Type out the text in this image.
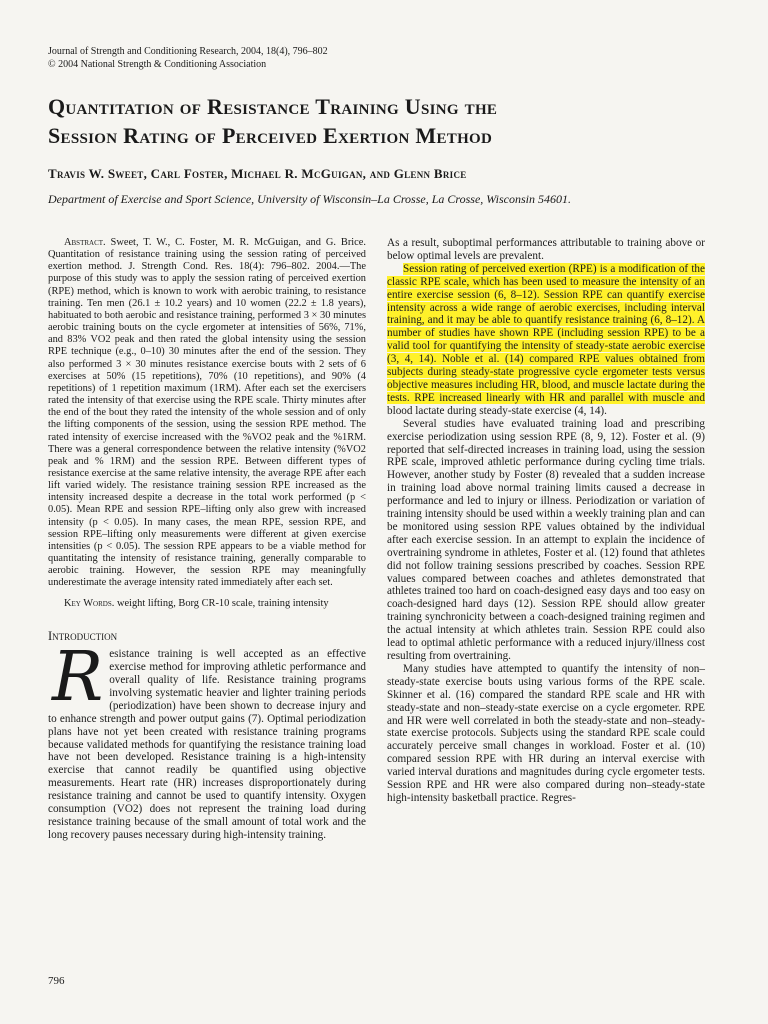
Journal of Strength and Conditioning Research, 2004, 18(4), 796–802
© 2004 National Strength & Conditioning Association
Quantitation of Resistance Training Using the
Session Rating of Perceived Exertion Method
Travis W. Sweet, Carl Foster, Michael R. McGuigan, and Glenn Brice
Department of Exercise and Sport Science, University of Wisconsin–La Crosse, La Crosse, Wisconsin 54601.

Abstract. Sweet, T. W., C. Foster, M. R. McGuigan, and G. Brice. Quantitation of resistance training using the session rating of perceived exertion method. J. Strength Cond. Res. 18(4): 796–802. 2004.—The purpose of this study was to apply the session rating of perceived exertion (RPE) method, which is known to work with aerobic training, to resistance training. Ten men (26.1 ± 10.2 years) and 10 women (22.2 ± 1.8 years), habituated to both aerobic and resistance training, performed 3 × 30 minutes aerobic training bouts on the cycle ergometer at intensities of 56%, 71%, and 83% VO2 peak and then rated the global intensity using the session RPE technique (e.g., 0–10) 30 minutes after the end of the session. They also performed 3 × 30 minutes resistance exercise bouts with 2 sets of 6 exercises at 50% (15 repetitions), 70% (10 repetitions), and 90% (4 repetitions) of 1 repetition maximum (1RM). After each set the exercisers rated the intensity of that exercise using the RPE scale. Thirty minutes after the end of the bout they rated the intensity of the whole session and of only the lifting components of the session, using the session RPE method. The rated intensity of exercise increased with the %VO2 peak and the %1RM. There was a general correspondence between the relative intensity (%VO2 peak and % 1RM) and the session RPE. Between different types of resistance exercise at the same relative intensity, the average RPE after each lift varied widely. The resistance training session RPE increased as the intensity increased despite a decrease in the total work performed (p < 0.05). Mean RPE and session RPE–lifting only also grew with increased intensity (p < 0.05). In many cases, the mean RPE, session RPE, and session RPE–lifting only measurements were different at given exercise intensities (p < 0.05). The session RPE appears to be a viable method for quantitating the intensity of resistance training, generally comparable to aerobic training. However, the session RPE may meaningfully underestimate the average intensity rated immediately after each set.

Key Words. weight lifting, Borg CR-10 scale, training intensity

Introduction

R esistance training is well accepted as an effective exercise method for improving athletic performance and overall quality of life. Resistance training programs involving systematic heavier and lighter training periods (periodization) have been shown to decrease injury and to enhance strength and power output gains (7). Optimal periodization plans have not yet been created with resistance training programs because validated methods for quantifying the resistance training load have not been developed. Resistance training is a high-intensity exercise that cannot readily be quantified using objective measurements. Heart rate (HR) increases disproportionately during resistance training and cannot be used to quantify intensity. Oxygen consumption (VO2) does not represent the training load during resistance training because of the small amount of total work and the long recovery pauses necessary during high-intensity training.

As a result, suboptimal performances attributable to training above or below optimal levels are prevalent.

Session rating of perceived exertion (RPE) is a modification of the classic RPE scale, which has been used to measure the intensity of an entire exercise session (6, 8–12). Session RPE can quantify exercise intensity across a wide range of aerobic exercises, including interval training, and it may be able to quantify resistance training (6, 8–12). A number of studies have shown RPE (including session RPE) to be a valid tool for quantifying the intensity of steady-state aerobic exercise (3, 4, 14). Noble et al. (14) compared RPE values obtained from subjects during steady-state progressive cycle ergometer tests versus objective measures including HR, blood, and muscle lactate during the tests. RPE increased linearly with HR and parallel with muscle and blood lactate during steady-state exercise (4, 14).

Several studies have evaluated training load and prescribing exercise periodization using session RPE (8, 9, 12). Foster et al. (9) reported that self-directed increases in training load, using the session RPE scale, improved athletic performance during cycling time trials. However, another study by Foster (8) revealed that a sudden increase in training load above normal training limits caused a decrease in performance and led to injury or illness. Periodization or variation of training intensity should be used within a weekly training plan and can be monitored using session RPE values obtained by the individual after each exercise session. In an attempt to explain the incidence of overtraining syndrome in athletes, Foster et al. (12) found that athletes did not follow training sessions prescribed by coaches. Session RPE values compared between coaches and athletes demonstrated that athletes trained too hard on coach-designed easy days and too easy on coach-designed hard days (12). Session RPE should allow greater training synchronicity between a coach-designed training regimen and the actual intensity at which athletes train. Session RPE could also lead to optimal athletic performance with a reduced injury/illness cost resulting from overtraining.

Many studies have attempted to quantify the intensity of non–steady-state exercise bouts using various forms of the RPE scale. Skinner et al. (16) compared the standard RPE scale and HR with steady-state and non–steady-state exercise on a cycle ergometer. RPE and HR were well correlated in both the steady-state and non–steady-state exercise protocols. Subjects using the standard RPE scale could accurately perceive small changes in workload. Foster et al. (10) compared session RPE with HR during an interval exercise with varied interval durations and magnitudes during cycle ergometer tests. Session RPE and HR were also compared during non–steady-state high-intensity basketball practice. Regres-

796
